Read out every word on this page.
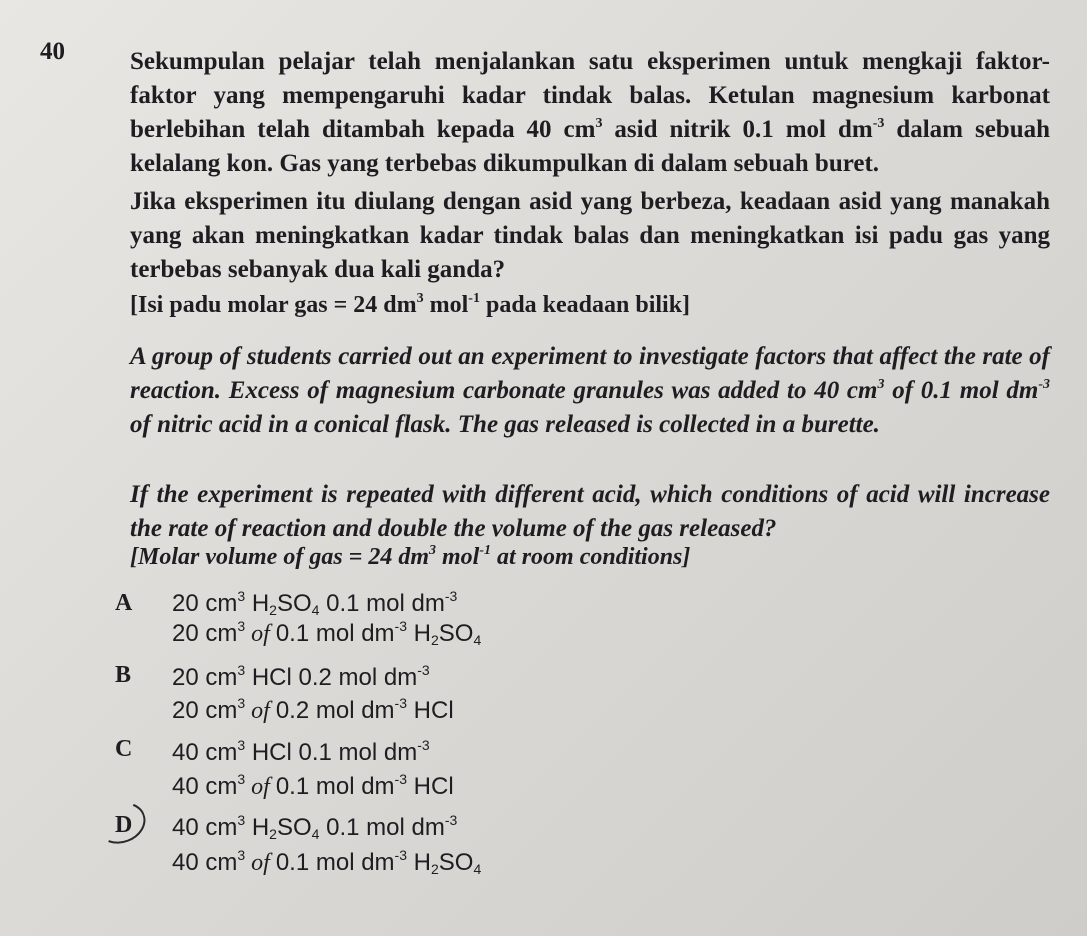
40	Sekumpulan pelajar telah menjalankan satu eksperimen untuk mengkaji faktor-faktor yang mempengaruhi kadar tindak balas. Ketulan magnesium karbonat berlebihan telah ditambah kepada 40 $cm^3$ asid nitrik 0.1 mol $dm^{-3}$ dalam sebuah kelalang kon. Gas yang terbebas dikumpulkan di dalam sebuah buret.
Jika eksperimen itu diulang dengan asid yang berbeza, keadaan asid yang manakah yang akan meningkatkan kadar tindak balas dan meningkatkan isi padu gas yang terbebas sebanyak dua kali ganda?
[Isi padu molar gas = 24 $dm^3$ mol$^{-1}$ pada keadaan bilik]
A group of students carried out an experiment to investigate factors that affect the rate of reaction. Excess of magnesium carbonate granules was added to 40 $cm^3$ of 0.1 mol $dm^{-3}$ of nitric acid in a conical flask. The gas released is collected in a burette.
If the experiment is repeated with different acid, which conditions of acid will increase the rate of reaction and double the volume of the gas released?
[Molar volume of gas = 24 $dm^3$ mol$^{-1}$ at room conditions]
A 20 $cm^3$ $H_2SO_4$ 0.1 mol $dm^{-3}$
20 $cm^3$ of 0.1 mol $dm^{-3}$ $H_2SO_4$
B 20 $cm^3$ HCl 0.2 mol $dm^{-3}$
20 $cm^3$ of 0.2 mol $dm^{-3}$ HCl
C 40 $cm^3$ HCl 0.1 mol $dm^{-3}$
40 $cm^3$ of 0.1 mol $dm^{-3}$ HCl
D 40 $cm^3$ $H_2SO_4$ 0.1 mol $dm^{-3}$
40 $cm^3$ of 0.1 mol $dm^{-3}$ $H_2SO_4$
